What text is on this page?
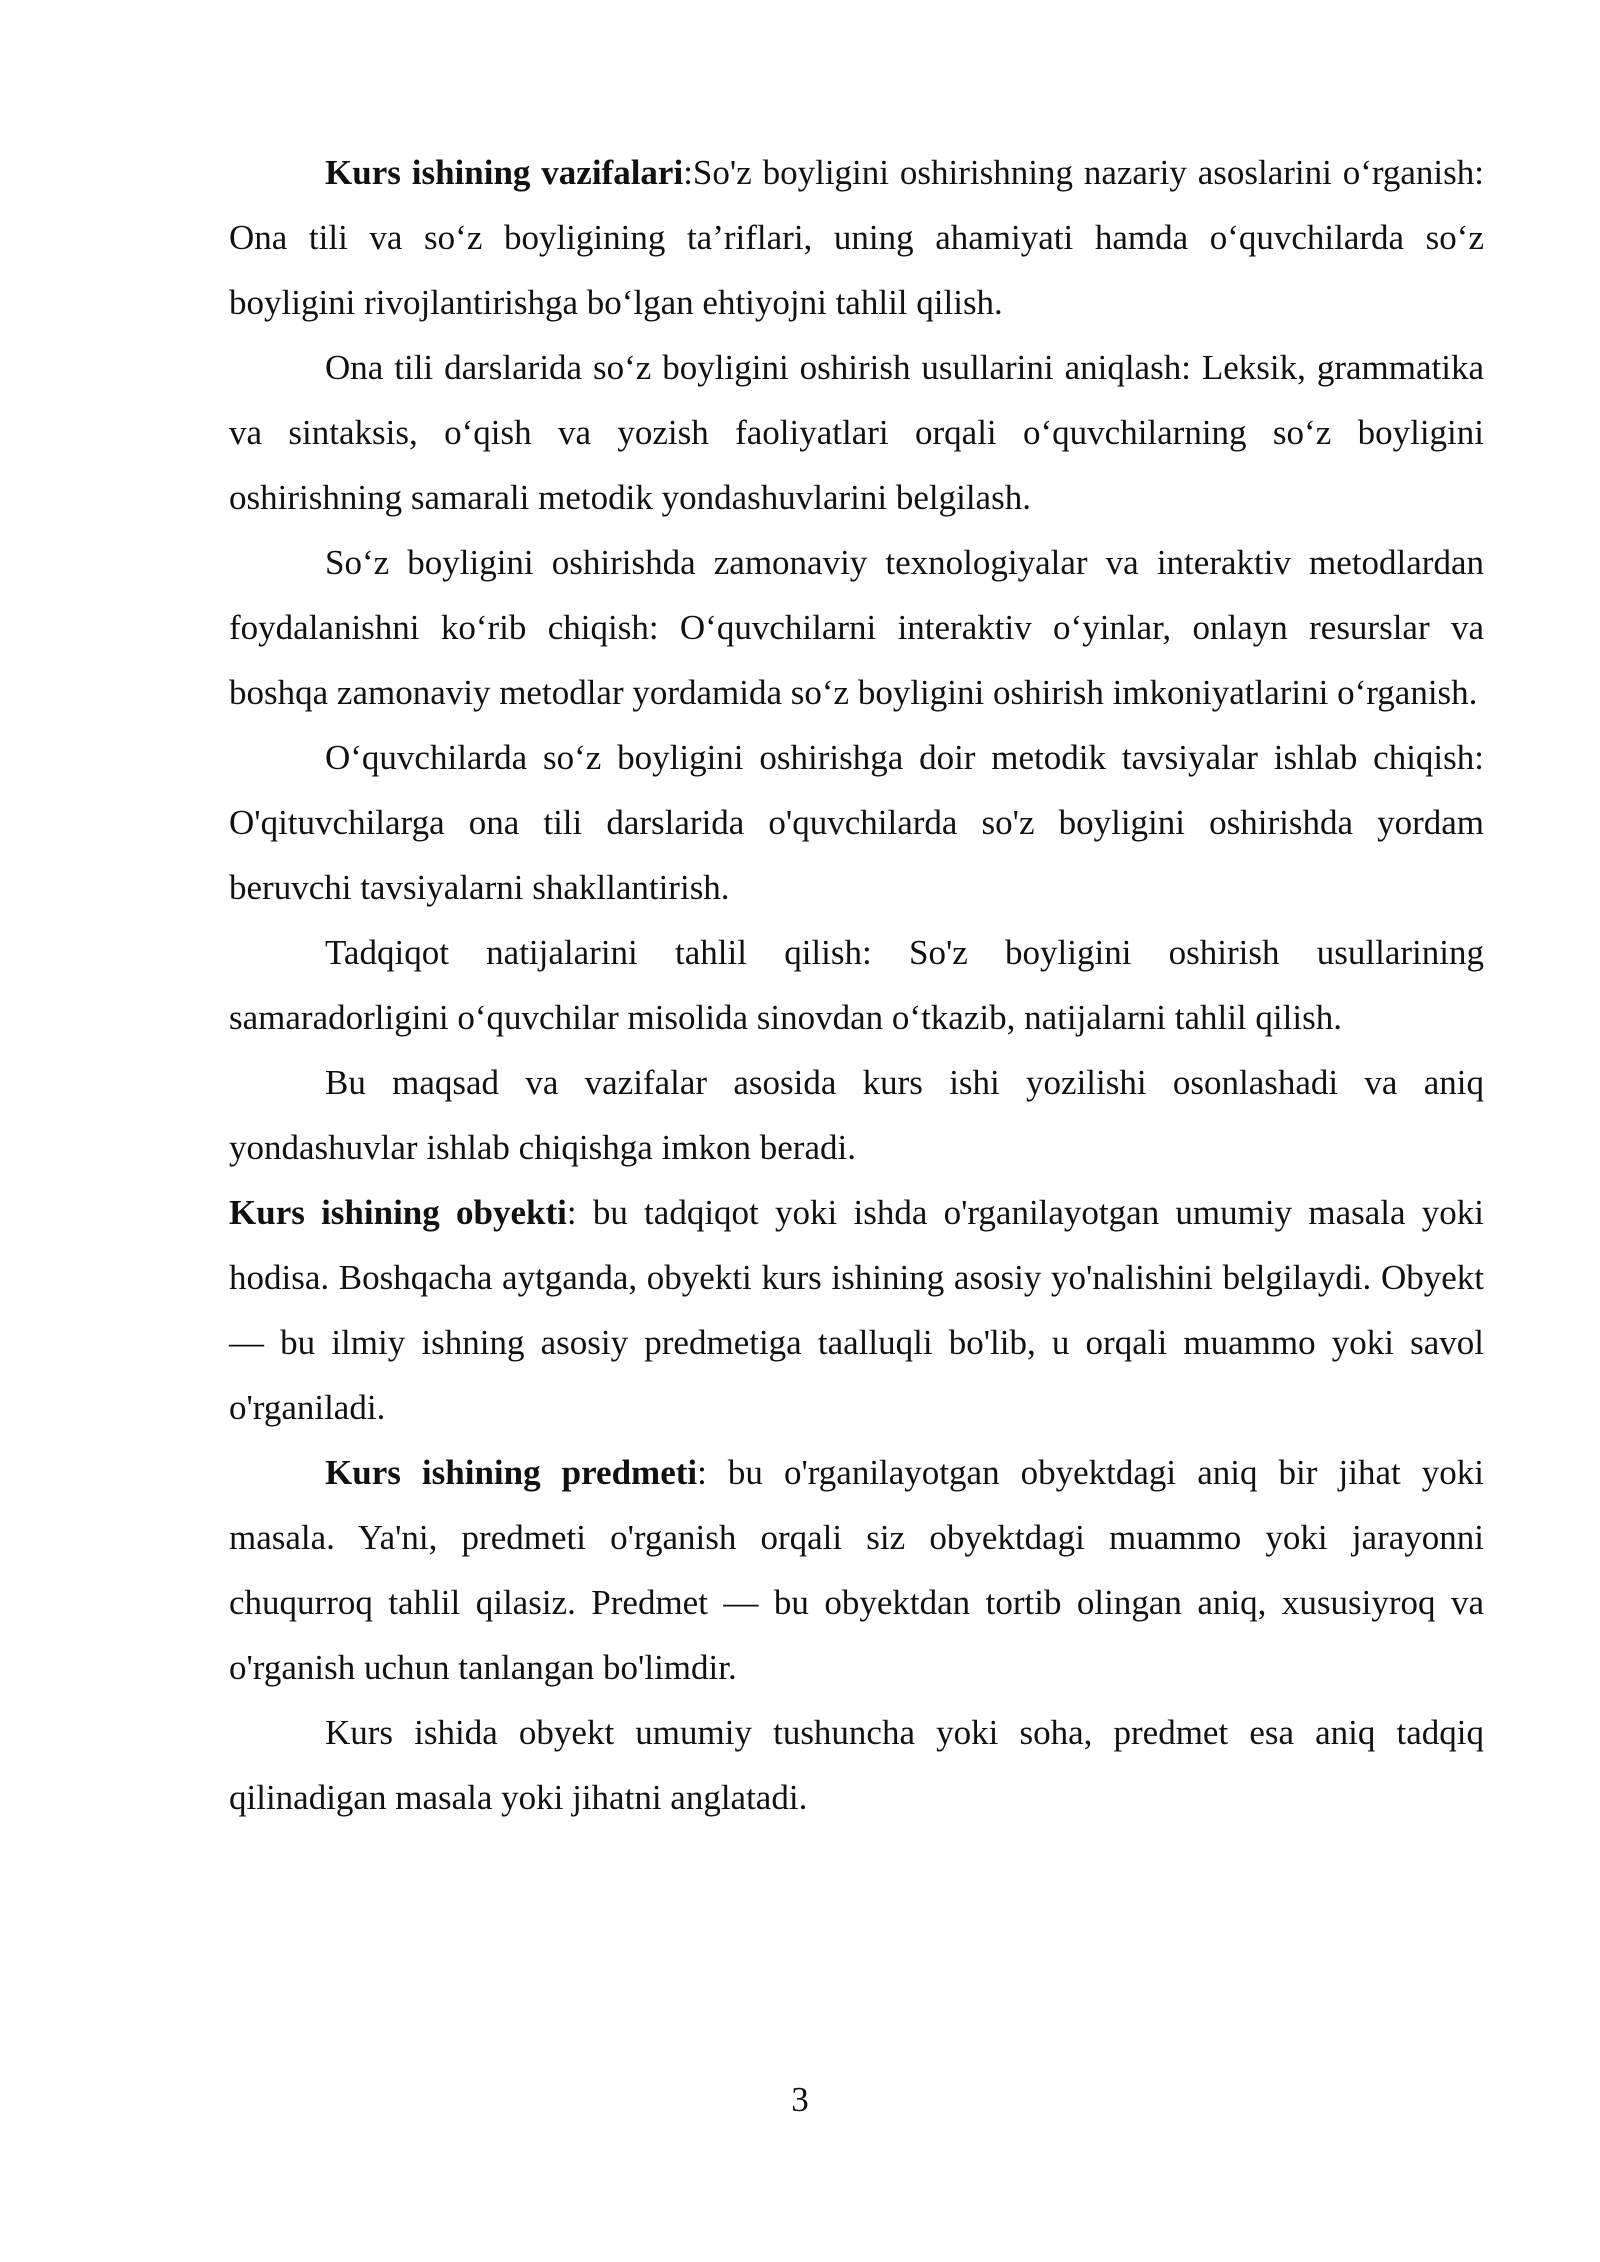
Kurs ishining vazifalari:So'z boyligini oshirishning nazariy asoslarini o‘rganish: Ona tili va so‘z boyligining ta’riflari, uning ahamiyati hamda o‘quvchilarda so‘z boyligini rivojlantirishga bo‘lgan ehtiyojni tahlil qilish.

Ona tili darslarida so‘z boyligini oshirish usullarini aniqlash: Leksik, grammatika va sintaksis, o‘qish va yozish faoliyatlari orqali o‘quvchilarning so‘z boyligini oshirishning samarali metodik yondashuvlarini belgilash.

So‘z boyligini oshirishda zamonaviy texnologiyalar va interaktiv metodlardan foydalanishni ko‘rib chiqish: O‘quvchilarni interaktiv o‘yinlar, onlayn resurslar va boshqa zamonaviy metodlar yordamida so‘z boyligini oshirish imkoniyatlarini o‘rganish.

O‘quvchilarda so‘z boyligini oshirishga doir metodik tavsiyalar ishlab chiqish: O'qituvchilarga ona tili darslarida o'quvchilarda so'z boyligini oshirishda yordam beruvchi tavsiyalarni shakllantirish.

Tadqiqot natijalarini tahlil qilish: So'z boyligini oshirish usullarining samaradorligini o‘quvchilar misolida sinovdan o‘tkazib, natijalarni tahlil qilish.

Bu maqsad va vazifalar asosida kurs ishi yozilishi osonlashadi va aniq yondashuvlar ishlab chiqishga imkon beradi.

Kurs ishining obyekti: bu tadqiqot yoki ishda o'rganilayotgan umumiy masala yoki hodisa. Boshqacha aytganda, obyekti kurs ishining asosiy yo'nalishini belgilaydi. Obyekt — bu ilmiy ishning asosiy predmetiga taalluqli bo'lib, u orqali muammo yoki savol o'rganiladi.

Kurs ishining predmeti: bu o'rganilayotgan obyektdagi aniq bir jihat yoki masala. Ya'ni, predmeti o'rganish orqali siz obyektdagi muammo yoki jarayonni chuqurroq tahlil qilasiz. Predmet — bu obyektdan tortib olingan aniq, xususiyroq va o'rganish uchun tanlangan bo'limdir.

Kurs ishida obyekt umumiy tushuncha yoki soha, predmet esa aniq tadqiq qilinadigan masala yoki jihatni anglatadi.

3
